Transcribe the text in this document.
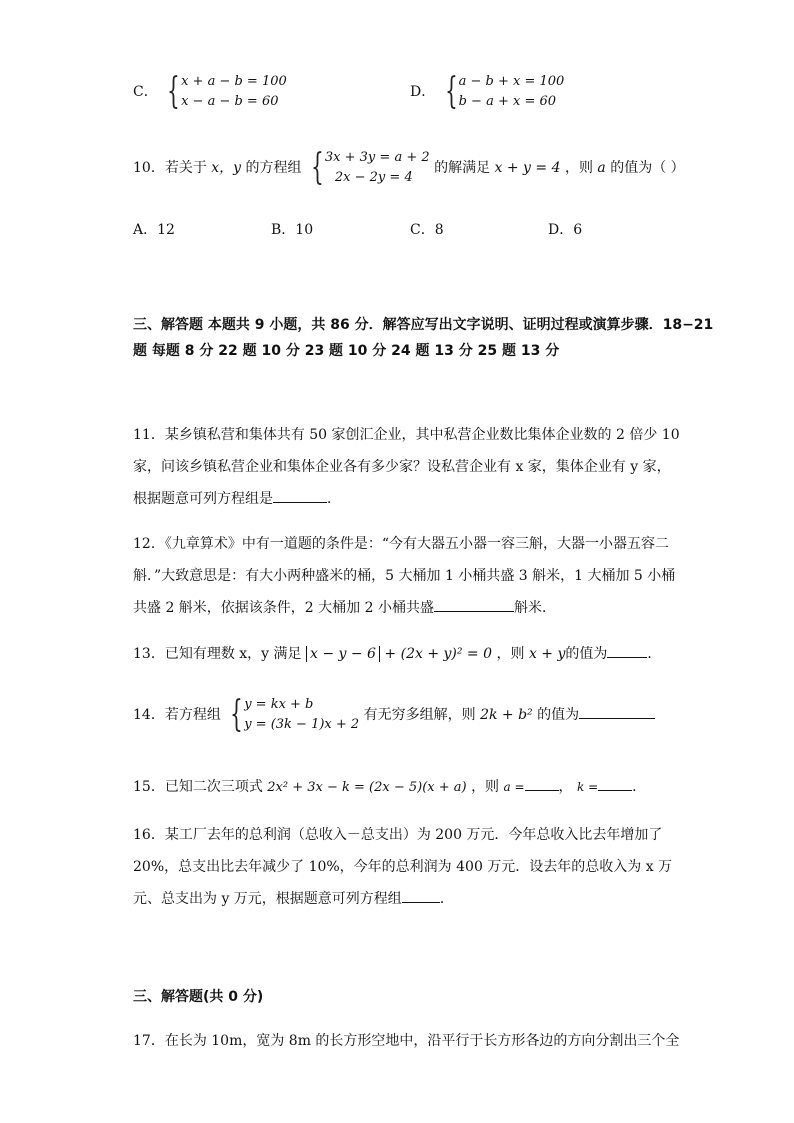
C． { x + a − b = 100
x − a − b = 60
D． { a − b + x = 100
b − a + x = 60
10．若关于 x，y 的方程组 { 3x + 3y = a + 2
2x − 2y = 4
的解满足 x + y = 4 ，则 a 的值为（ ）
A．12	B．10	C．8	D．6
三、解答题 本题共 9 小题，共 86 分．解答应写出文字说明、证明过程或演算步骤．18−21
题 每题 8 分 22 题 10 分 23 题 10 分 24 题 13 分 25 题 13 分
11．某乡镇私营和集体共有 50 家创汇企业，其中私营企业数比集体企业数的 2 倍少 10
家，问该乡镇私营企业和集体企业各有多少家？设私营企业有 x 家，集体企业有 y 家，
根据题意可列方程组是	．
12．《九章算术》中有一道题的条件是：“今有大器五小器一容三斛，大器一小器五容二
斛．”大致意思是：有大小两种盛米的桶，5 大桶加 1 小桶共盛 3 斛米，1 大桶加 5 小桶
共盛 2 斛米，依据该条件，2 大桶加 2 小桶共盛	斛米．
13．已知有理数 x，y 满足 x − y − 6 + (2x + y)² = 0 ，则 x + y的值为	．
14．若方程组 { y = kx + b
y = (3k − 1)x + 2
有无穷多组解，则 2k + b² 的值为
15．已知二次三项式 2x² + 3x − k = (2x − 5)(x + a) ，则 a = ， k = ．
16．某工厂去年的总利润（总收入－总支出）为 200 万元．今年总收入比去年增加了
20%，总支出比去年减少了 10%，今年的总利润为 400 万元．设去年的总收入为 x 万
元、总支出为 y 万元，根据题意可列方程组	．
三、解答题(共 0 分)
17．在长为 10m，宽为 8m 的长方形空地中，沿平行于长方形各边的方向分割出三个全
